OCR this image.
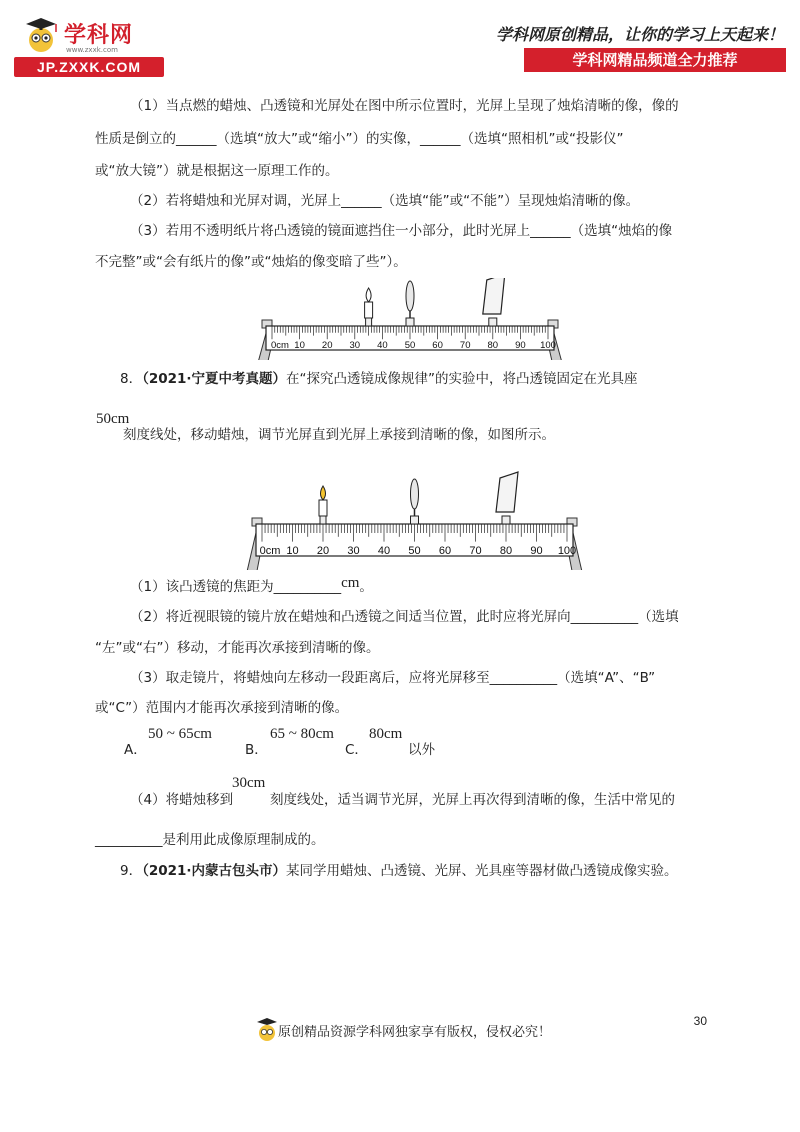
学科网
www.zxxk.com
JP.ZXXK.COM
学科网原创精品，让你的学习上天起来！
学科网精品频道全力推荐
（1）当点燃的蜡烛、凸透镜和光屏处在图中所示位置时，光屏上呈现了烛焰清晰的像，像的
性质是倒立的______（选填“放大”或“缩小”）的实像，______（选填“照相机”或“投影仪”
或“放大镜”）就是根据这一原理工作的。
（2）若将蜡烛和光屏对调，光屏上______（选填“能”或“不能”）呈现烛焰清晰的像。
（3）若用不透明纸片将凸透镜的镜面遮挡住一小部分，此时光屏上______（选填“烛焰的像
不完整”或“会有纸片的像”或“烛焰的像变暗了些”）。
0cm 10 20 30 40 50 60 70 80 90 100
8．（2021·宁夏中考真题）在“探究凸透镜成像规律”的实验中，将凸透镜固定在光具座
50cm
刻度线处，移动蜡烛，调节光屏直到光屏上承接到清晰的像，如图所示。
0cm 10 20 30 40 50 60 70 80 90 100
（1）该凸透镜的焦距为__________cm。
（2）将近视眼镜的镜片放在蜡烛和凸透镜之间适当位置，此时应将光屏向__________（选填
“左”或“右”）移动，才能再次承接到清晰的像。
（3）取走镜片，将蜡烛向左移动一段距离后，应将光屏移至__________（选填“A”、“B”
或“C”）范围内才能再次承接到清晰的像。
A．
50 ~ 65cm
B．
65 ~ 80cm
C．
80cm
以外
（4）将蜡烛移到
30cm
刻度线处，适当调节光屏，光屏上再次得到清晰的像，生活中常见的
__________是利用此成像原理制成的。
9．（2021·内蒙古包头市）某同学用蜡烛、凸透镜、光屏、光具座等器材做凸透镜成像实验。
30
原创精品资源学科网独家享有版权，侵权必究！
